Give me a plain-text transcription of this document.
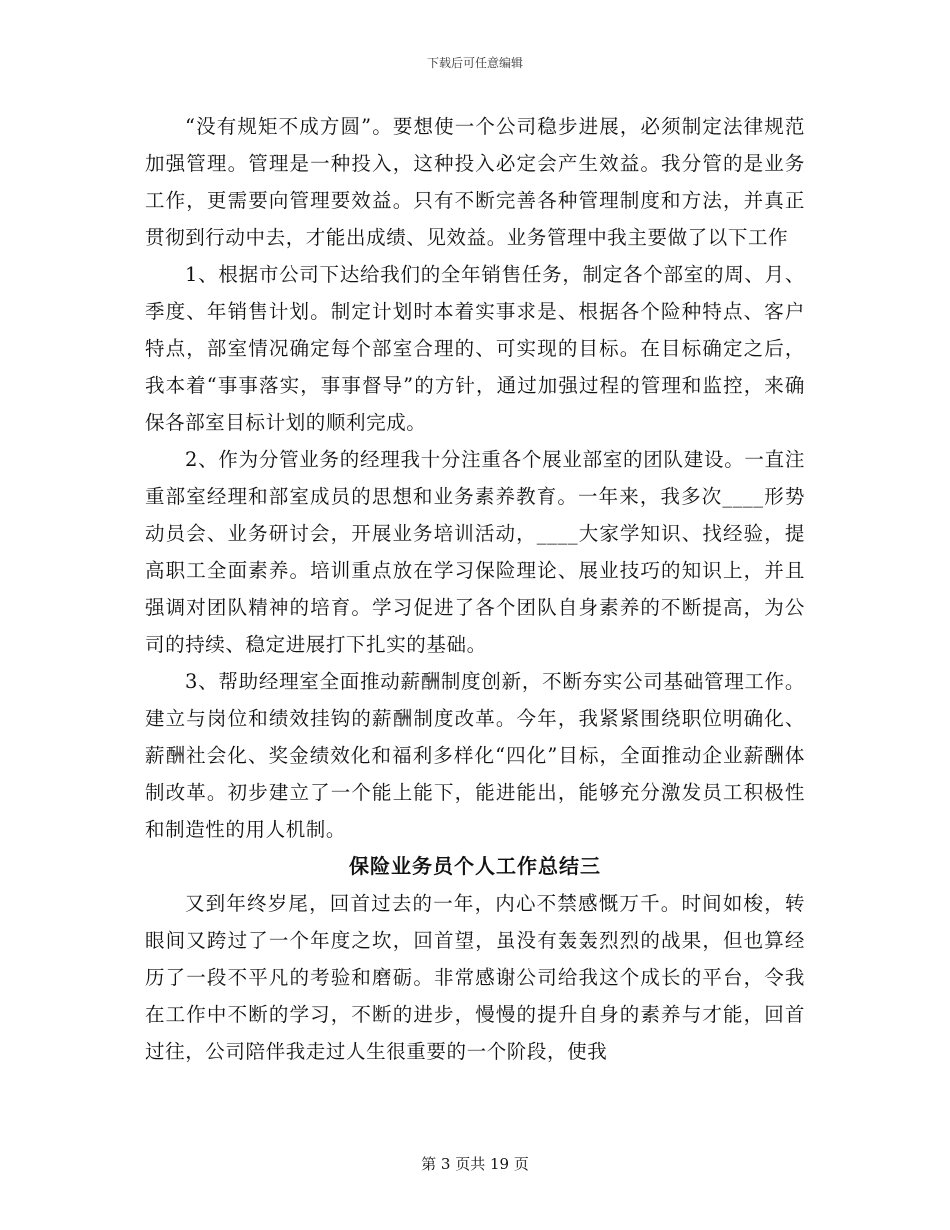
下载后可任意编辑

“没有规矩不成方圆”。要想使一个公司稳步进展，必须制定法律规范加强管理。管理是一种投入，这种投入必定会产生效益。我分管的是业务工作，更需要向管理要效益。只有不断完善各种管理制度和方法，并真正贯彻到行动中去，才能出成绩、见效益。业务管理中我主要做了以下工作

1、根据市公司下达给我们的全年销售任务，制定各个部室的周、月、季度、年销售计划。制定计划时本着实事求是、根据各个险种特点、客户特点，部室情况确定每个部室合理的、可实现的目标。在目标确定之后，我本着“事事落实，事事督导”的方针，通过加强过程的管理和监控，来确保各部室目标计划的顺利完成。

2、作为分管业务的经理我十分注重各个展业部室的团队建设。一直注重部室经理和部室成员的思想和业务素养教育。一年来，我多次____形势动员会、业务研讨会，开展业务培训活动，____大家学知识、找经验，提高职工全面素养。培训重点放在学习保险理论、展业技巧的知识上，并且强调对团队精神的培育。学习促进了各个团队自身素养的不断提高，为公司的持续、稳定进展打下扎实的基础。

3、帮助经理室全面推动薪酬制度创新，不断夯实公司基础管理工作。建立与岗位和绩效挂钩的薪酬制度改革。今年，我紧紧围绕职位明确化、薪酬社会化、奖金绩效化和福利多样化“四化”目标，全面推动企业薪酬体制改革。初步建立了一个能上能下，能进能出，能够充分激发员工积极性和制造性的用人机制。

保险业务员个人工作总结三

又到年终岁尾，回首过去的一年，内心不禁感慨万千。时间如梭，转眼间又跨过了一个年度之坎，回首望，虽没有轰轰烈烈的战果，但也算经历了一段不平凡的考验和磨砺。非常感谢公司给我这个成长的平台，令我在工作中不断的学习，不断的进步，慢慢的提升自身的素养与才能，回首过往，公司陪伴我走过人生很重要的一个阶段，使我

第 3 页共 19 页
